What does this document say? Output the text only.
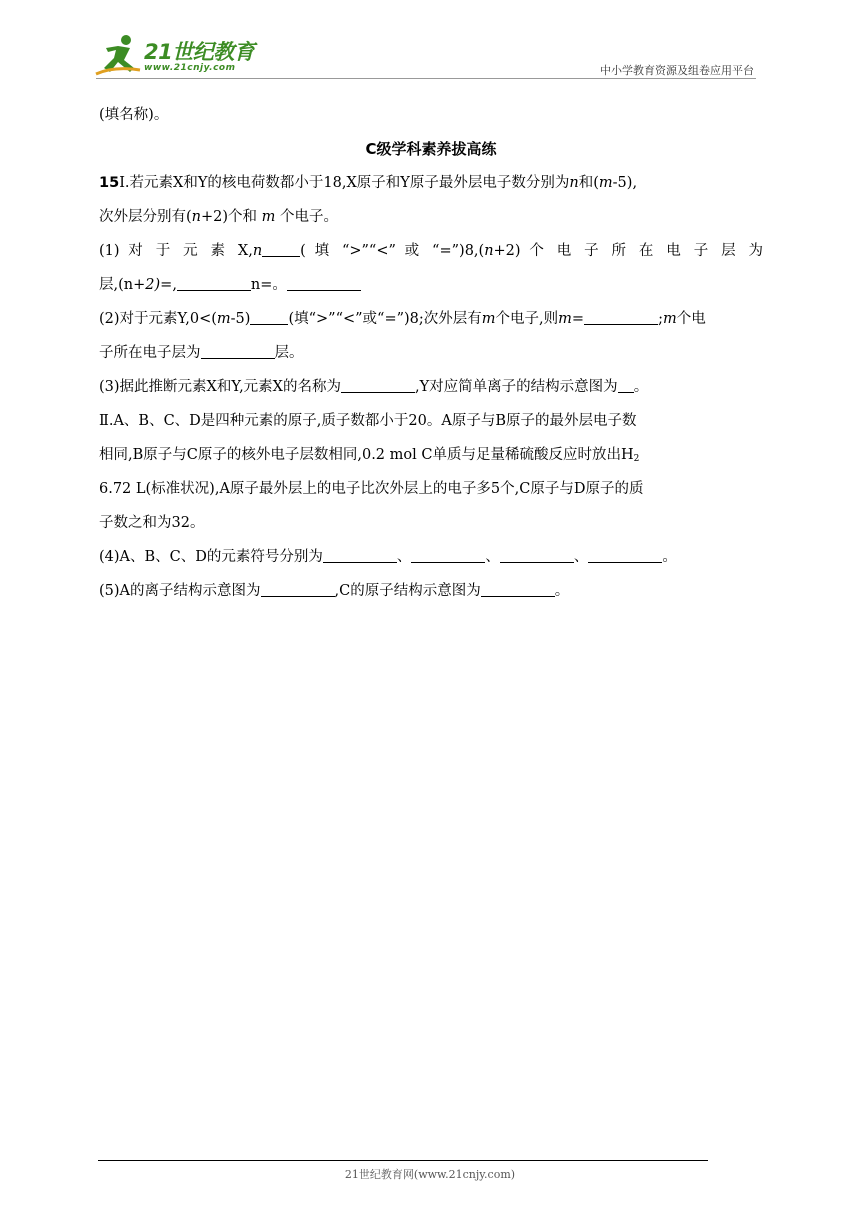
21世纪教育
www.21cnjy.com	中小学教育资源及组卷应用平台
(填名称)。
C级学科素养拔高练
15Ⅰ.若元素X和Y的核电荷数都小于18,X原子和Y原子最外层电子数分别为n和(m-5),
次外层分别有(n+2)个和 m 个电子。
(1) 对 于 元 素 X,n	( 填 “>”“<” 或 “=”)8,(n+2) 个 电 子 所 在 电 子 层 为
层,(n+2)=,	n=。
(2)对于元素Y,0<(m-5)	(填“>”“<”或“=”)8;次外层有m个电子,则m=	;m个电
子所在电子层为	层。
(3)据此推断元素X和Y,元素X的名称为	,Y对应简单离子的结构示意图为 。
Ⅱ.A、B、C、D是四种元素的原子,质子数都小于20。A原子与B原子的最外层电子数
相同,B原子与C原子的核外电子层数相同,0.2 mol C单质与足量稀硫酸反应时放出$H_2$
6.72 L(标准状况),A原子最外层上的电子比次外层上的电子多5个,C原子与D原子的质
子数之和为32。
(4)A、B、C、D的元素符号分别为	、	、	、	。
(5)A的离子结构示意图为	,C的原子结构示意图为	。
21世纪教育网(www.21cnjy.com)
